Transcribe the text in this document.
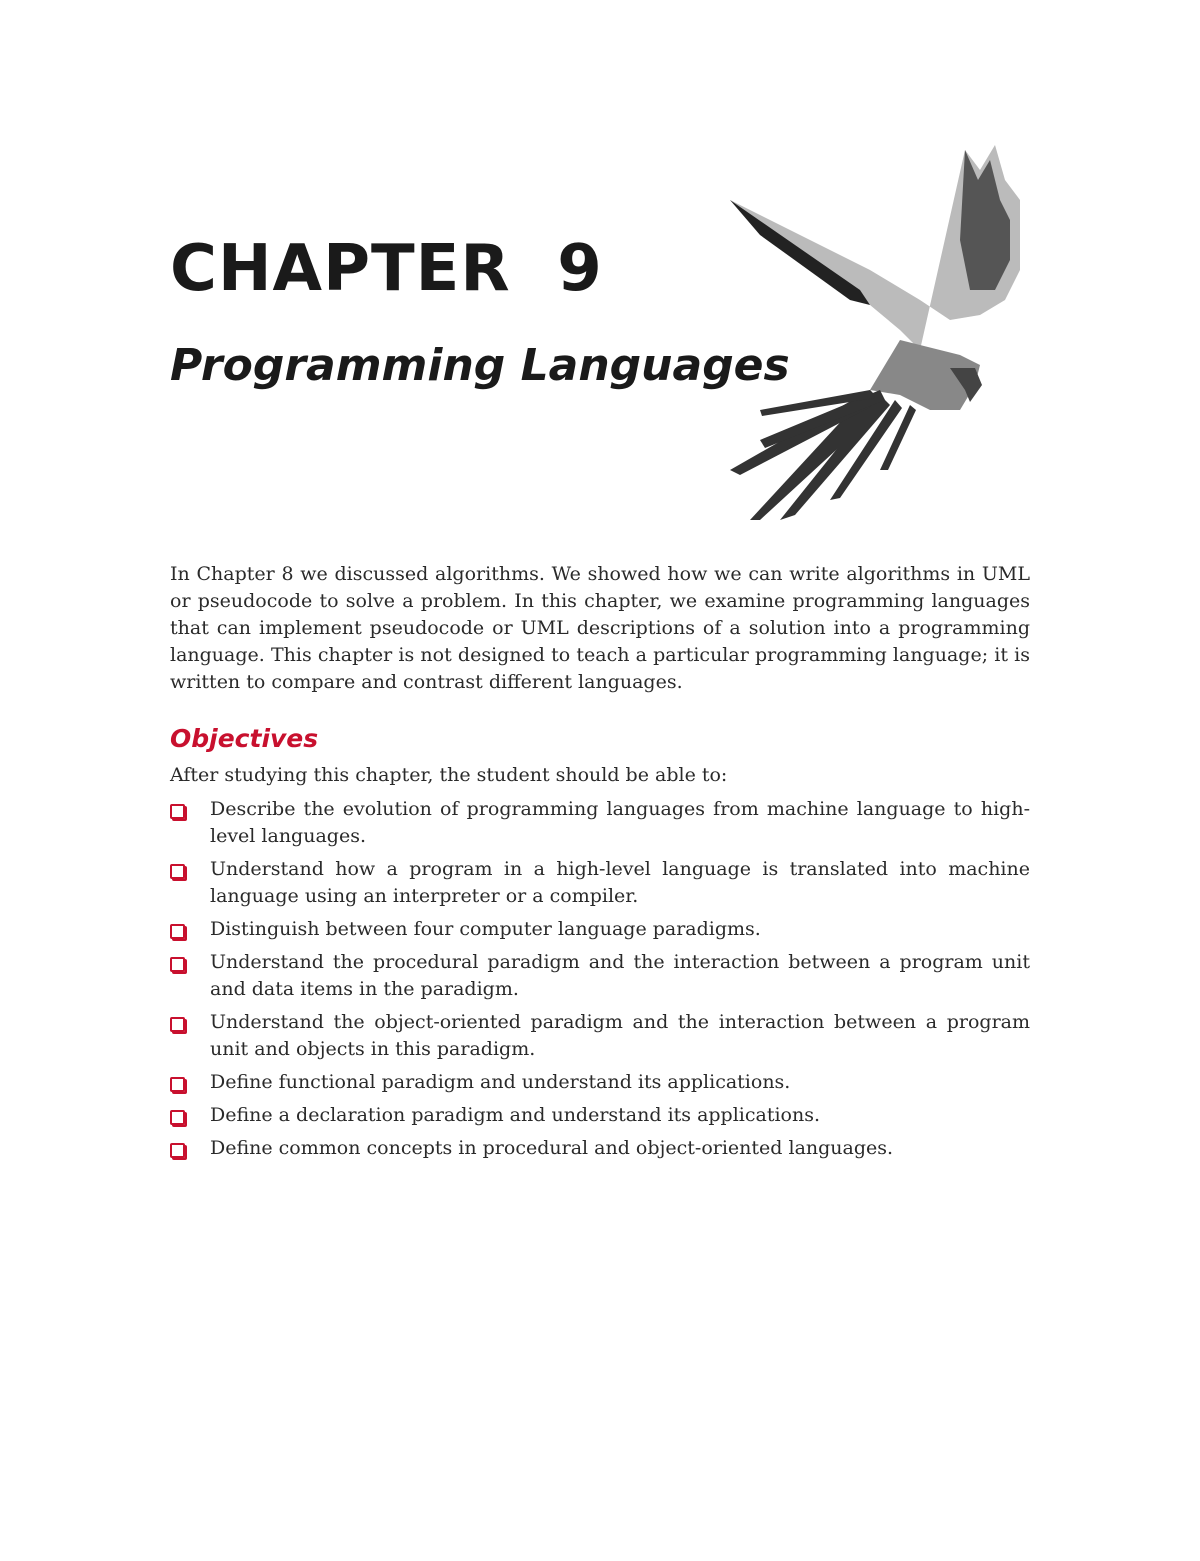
CHAPTER  9
Programming Languages
In Chapter 8 we discussed algorithms. We showed how we can write algorithms in UML or pseudocode to solve a problem. In this chapter, we examine programming languages that can implement pseudocode or UML descriptions of a solution into a programming language. This chapter is not designed to teach a particular programming language; it is written to compare and contrast different languages.
Objectives
After studying this chapter, the student should be able to:
Describe the evolution of programming languages from machine language to high-level languages.
Understand how a program in a high-level language is translated into machine language using an interpreter or a compiler.
Distinguish between four computer language paradigms.
Understand the procedural paradigm and the interaction between a program unit and data items in the paradigm.
Understand the object-oriented paradigm and the interaction between a program unit and objects in this paradigm.
Define functional paradigm and understand its applications.
Define a declaration paradigm and understand its applications.
Define common concepts in procedural and object-oriented languages.
